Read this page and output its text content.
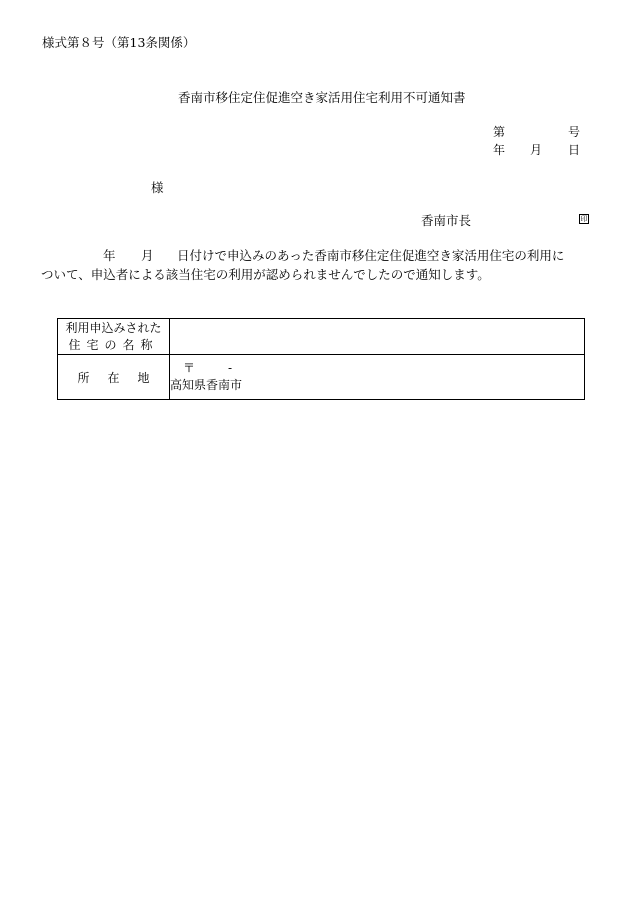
様式第８号（第13条関係）
香南市移住定住促進空き家活用住宅利用不可通知書
第	号
年 月 日
様
香南市長	印
年 月 日付けで申込みのあった香南市移住定住促進空き家活用住宅の利用に
ついて、申込者による該当住宅の利用が認められませんでしたので通知します。
利用申込みされた
住宅の名称	

所在地	〒 -
高知県香南市
